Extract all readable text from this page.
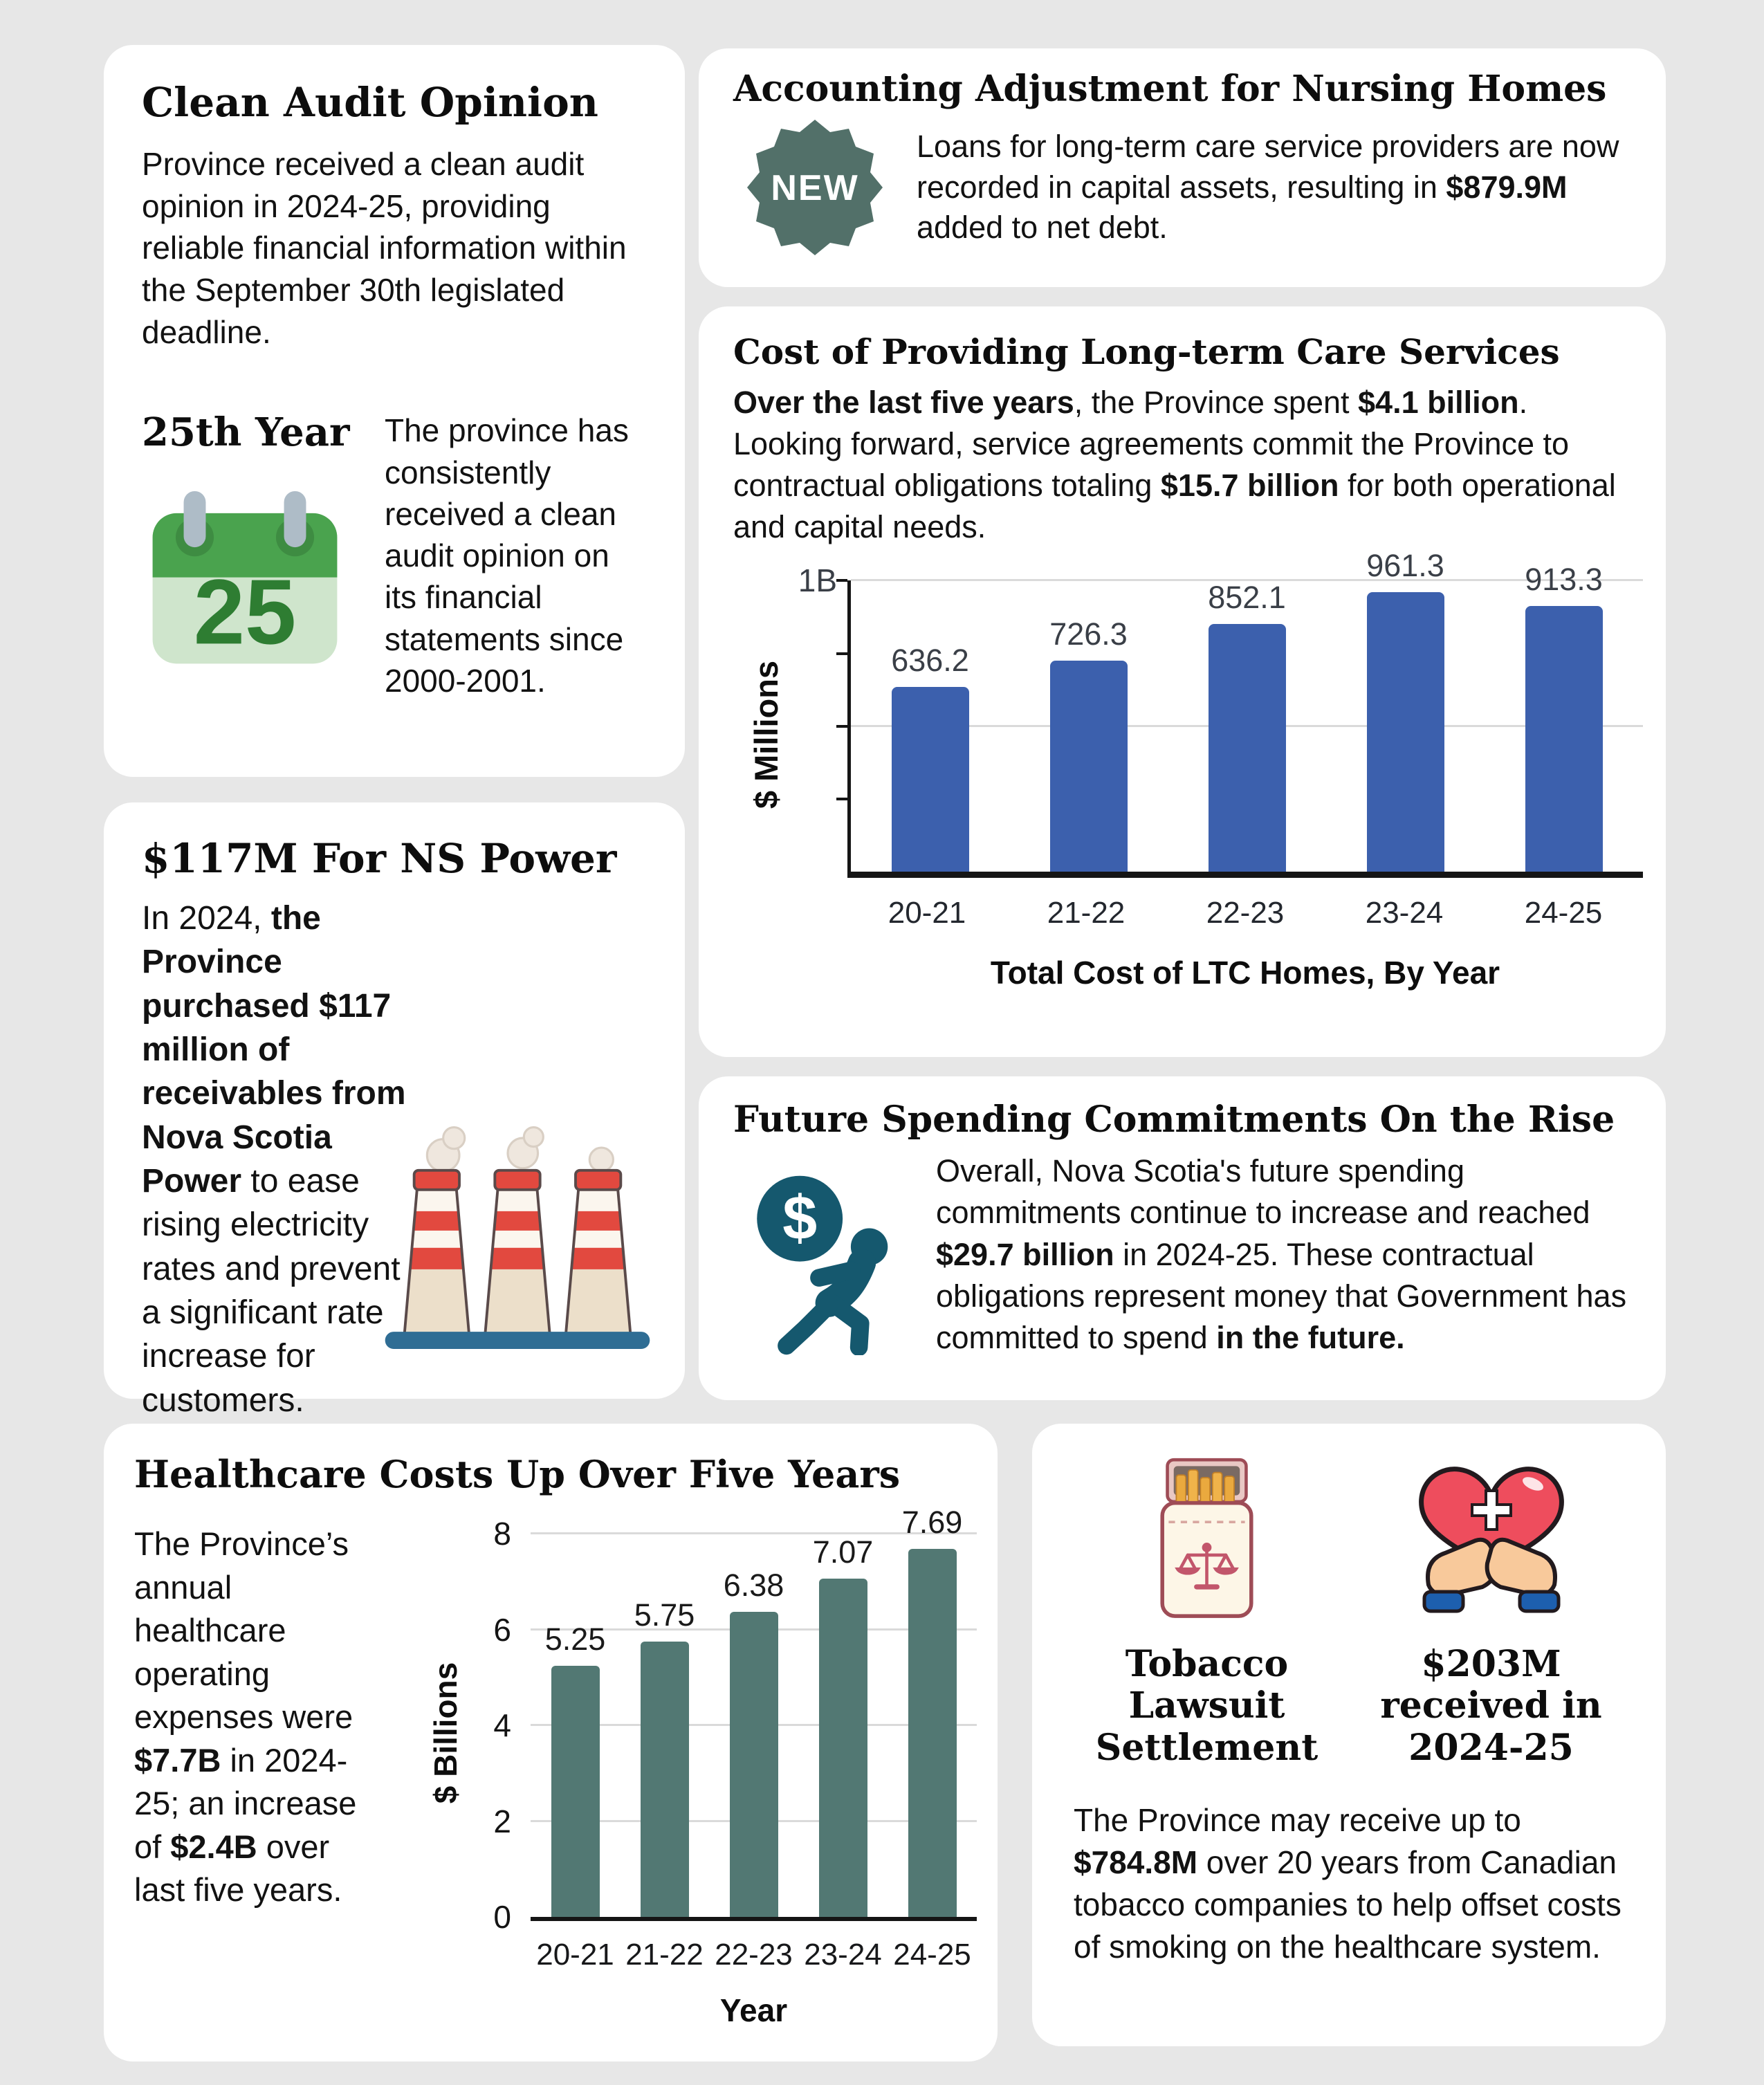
Clean Audit Opinion

Province received a clean audit opinion in 2024-25, providing reliable financial information within the September 30th legislated deadline.

25th Year
25

The province has consistently received a clean audit opinion on its financial statements since 2000-2001.

Accounting Adjustment for Nursing Homes
NEW

Loans for long-term care service providers are now recorded in capital assets, resulting in $879.9M added to net debt.

Cost of Providing Long-term Care Services

Over the last five years, the Province spent $4.1 billion. Looking forward, service agreements commit the Province to contractual obligations totaling $15.7 billion for both operational and capital needs.

$ Millions
1B
636.2
726.3
852.1
961.3	913.3
20-21	21-22	22-23	23-24	24-25
Total Cost of LTC Homes, By Year
$117M For NS Power

In 2024, the Province purchased $117 million of receivables from Nova Scotia Power to ease rising electricity rates and prevent a significant rate increase for customers.

Future Spending Commitments On the Rise
$

Overall, Nova Scotia's future spending commitments continue to increase and reached $29.7 billion in 2024-25. These contractual obligations represent money that Government has committed to spend in the future.

Healthcare Costs Up Over Five Years

The Province’s annual healthcare operating expenses were $7.7B in 2024-25; an increase of $2.4B over last five years.

$ Billions
0
2
4
6
8
5.25
5.75
6.38
7.07
7.69
20-21 21-22 22-23 23-24 24-25
Year
Tobacco Lawsuit Settlement
$203M received in 2024-25

The Province may receive up to $784.8M over 20 years from Canadian tobacco companies to help offset costs of smoking on the healthcare system.
